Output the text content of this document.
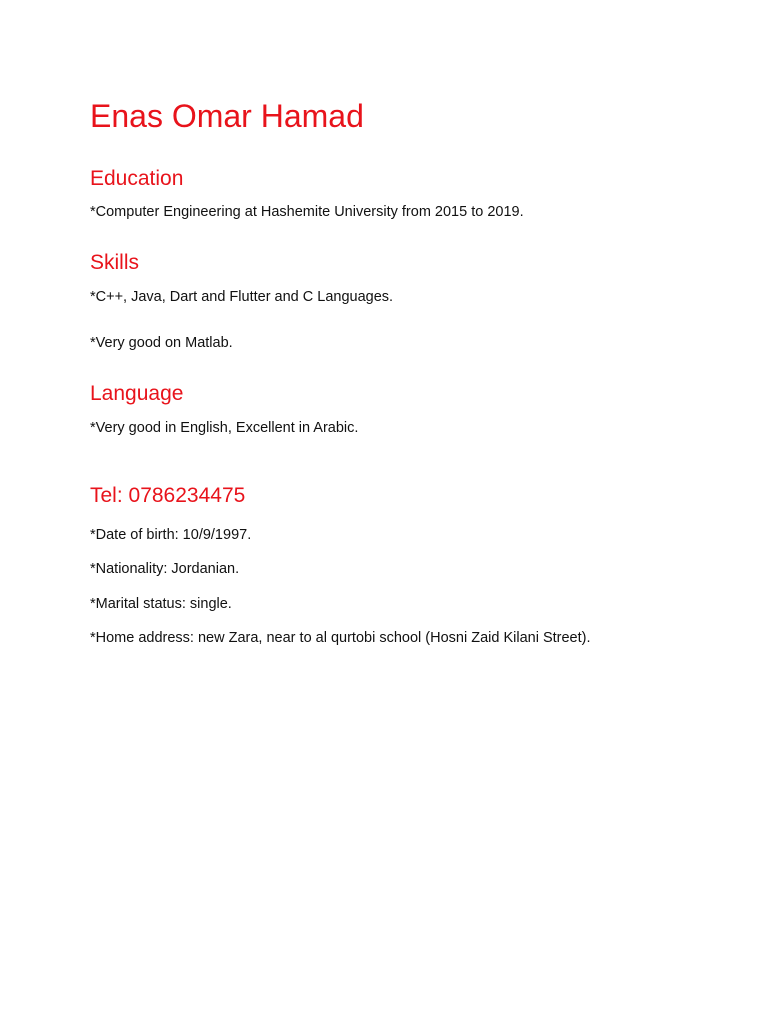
Enas Omar Hamad
Education

*Computer Engineering at Hashemite University from 2015 to 2019.

Skills

*C++, Java, Dart and Flutter and C Languages.

*Very good on Matlab.

Language

*Very good in English, Excellent in Arabic.

Tel: 0786234475

*Date of birth: 10/9/1997.

*Nationality: Jordanian.

*Marital status: single.

*Home address: new Zara, near to al qurtobi school (Hosni Zaid Kilani Street).
